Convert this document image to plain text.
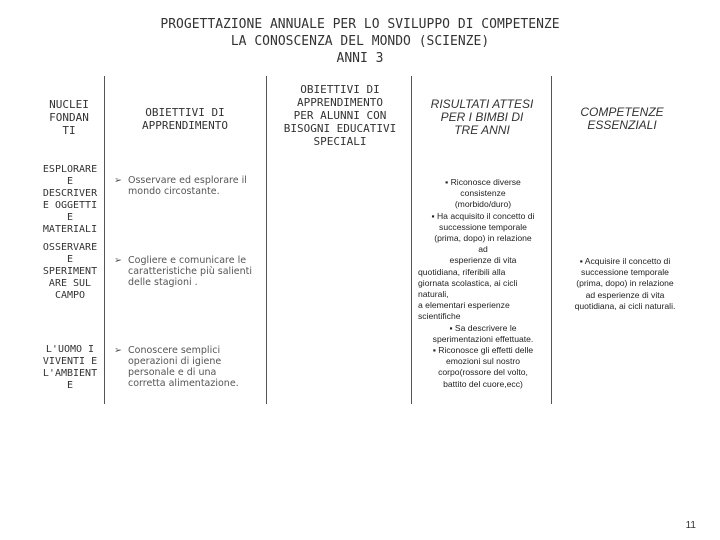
PROGETTAZIONE ANNUALE PER LO SVILUPPO DI COMPETENZE
LA CONOSCENZA DEL MONDO (SCIENZE)
ANNI 3
NUCLEI
FONDAN
TI
OBIETTIVI DI
APPRENDIMENTO
OBIETTIVI DI
APPRENDIMENTO
PER ALUNNI CON
BISOGNI EDUCATIVI
SPECIALI
RISULTATI ATTESI
PER I BIMBI DI
TRE ANNI
COMPETENZE
ESSENZIALI
ESPLORARE
E
DESCRIVER
E OGGETTI
E
MATERIALI
OSSERVARE
E
SPERIMENT
ARE SUL
CAMPO
L'UOMO I
VIVENTI E
L'AMBIENT
E
➢ Osservare ed esplorare il
mondo circostante.
➢ Cogliere e comunicare le
caratteristiche più salienti
delle stagioni .
➢ Conoscere semplici
operazioni di igiene
personale e di una
corretta alimentazione.
▪ Riconosce diverse
consistenze
(morbido/duro)
▪ Ha acquisito il concetto di
successione temporale
(prima, dopo) in relazione
ad
esperienze di vita
quotidiana, riferibili alla
giornata scolastica, ai cicli
naturali,
a elementari esperienze
scientifiche
▪ Sa descrivere le
sperimentazioni effettuate.
▪ Riconosce gli effetti delle
emozioni sul nostro
corpo(rossore del volto,
battito del cuore,ecc)
▪ Acquisire il concetto di
successione temporale
(prima, dopo) in relazione
ad esperienze di vita
quotidiana, ai cicli naturali.
11
